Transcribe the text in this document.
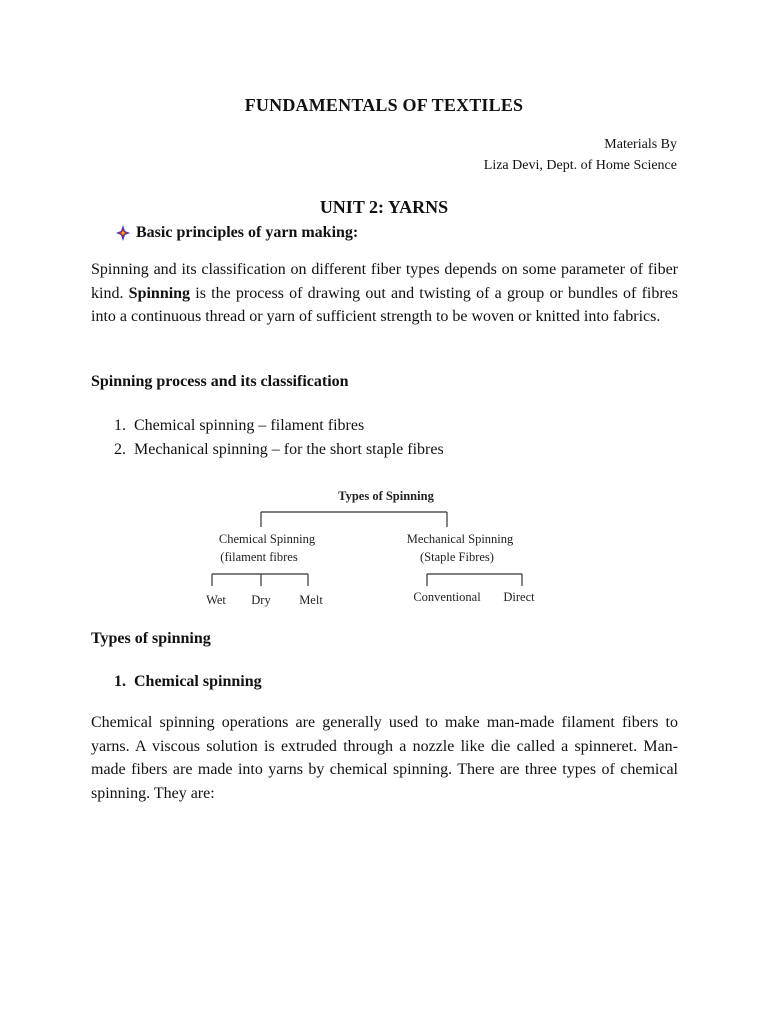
FUNDAMENTALS OF TEXTILES
Materials By
Liza Devi, Dept. of Home Science
UNIT 2: YARNS
Basic principles of yarn making:

Spinning and its classification on different fiber types depends on some parameter of fiber kind. Spinning is the process of drawing out and twisting of a group or bundles of fibres into a continuous thread or yarn of sufficient strength to be woven or knitted into fabrics.

Spinning process and its classification
1. Chemical spinning – filament fibres
2. Mechanical spinning – for the short staple fibres
Types of Spinning
Chemical Spinning
(filament fibres
Mechanical Spinning
(Staple Fibres)
Wet Dry Melt	Conventional Direct
Types of spinning
1. Chemical spinning

Chemical spinning operations are generally used to make man-made filament fibers to yarns. A viscous solution is extruded through a nozzle like die called a spinneret. Man-made fibers are made into yarns by chemical spinning. There are three types of chemical spinning. They are:
